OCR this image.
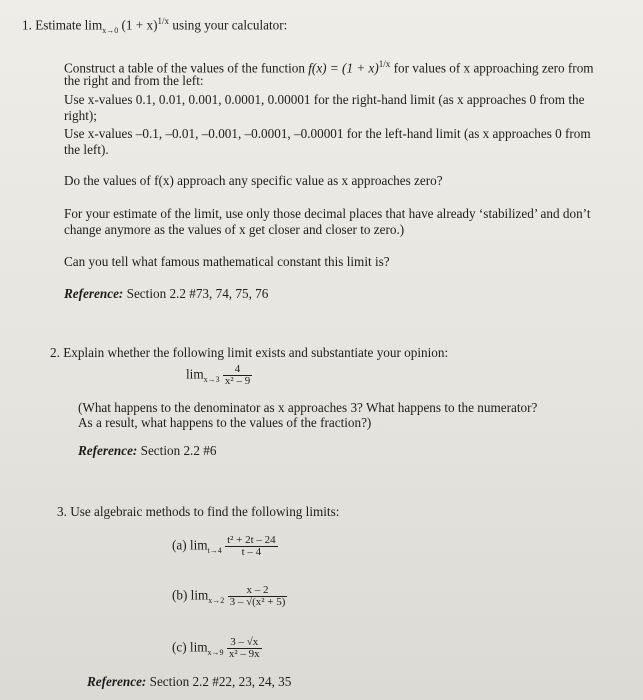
1. Estimate $\lim_{x\to 0} (1 + x)^{1/x}$ using your calculator:
Construct a table of the values of the function $f(x) = (1 + x)^{1/x}$ for values of x approaching zero from
the right and from the left:
Use x-values 0.1, 0.01, 0.001, 0.0001, 0.00001 for the right-hand limit (as x approaches 0 from the
right);
Use x-values –0.1, –0.01, –0.001, –0.0001, –0.00001 for the left-hand limit (as x approaches 0 from
the left).
Do the values of f(x) approach any specific value as x approaches zero?
For your estimate of the limit, use only those decimal places that have already ‘stabilized’ and don’t
change anymore as the values of x get closer and closer to zero.)
Can you tell what famous mathematical constant this limit is?
Reference: Section 2.2 #73, 74, 75, 76
2. Explain whether the following limit exists and substantiate your opinion:
$\lim_{x\to 3} \frac{4}{\text{x² – 9}}$
(What happens to the denominator as x approaches 3? What happens to the numerator?
As a result, what happens to the values of the fraction?)
Reference: Section 2.2 #6
3. Use algebraic methods to find the following limits:
(a) $\lim_{t\to 4} \frac{\text{t² + 2t – 24}}{t - 4}$
(b) $\lim_{x\to 2} \frac{x - 2}{\text{3 – √(x² + 5)}}$
(c) $\lim_{x\to 9} \frac{3 - √x}{\text{x² – 9x}}$
Reference: Section 2.2 #22, 23, 24, 35
